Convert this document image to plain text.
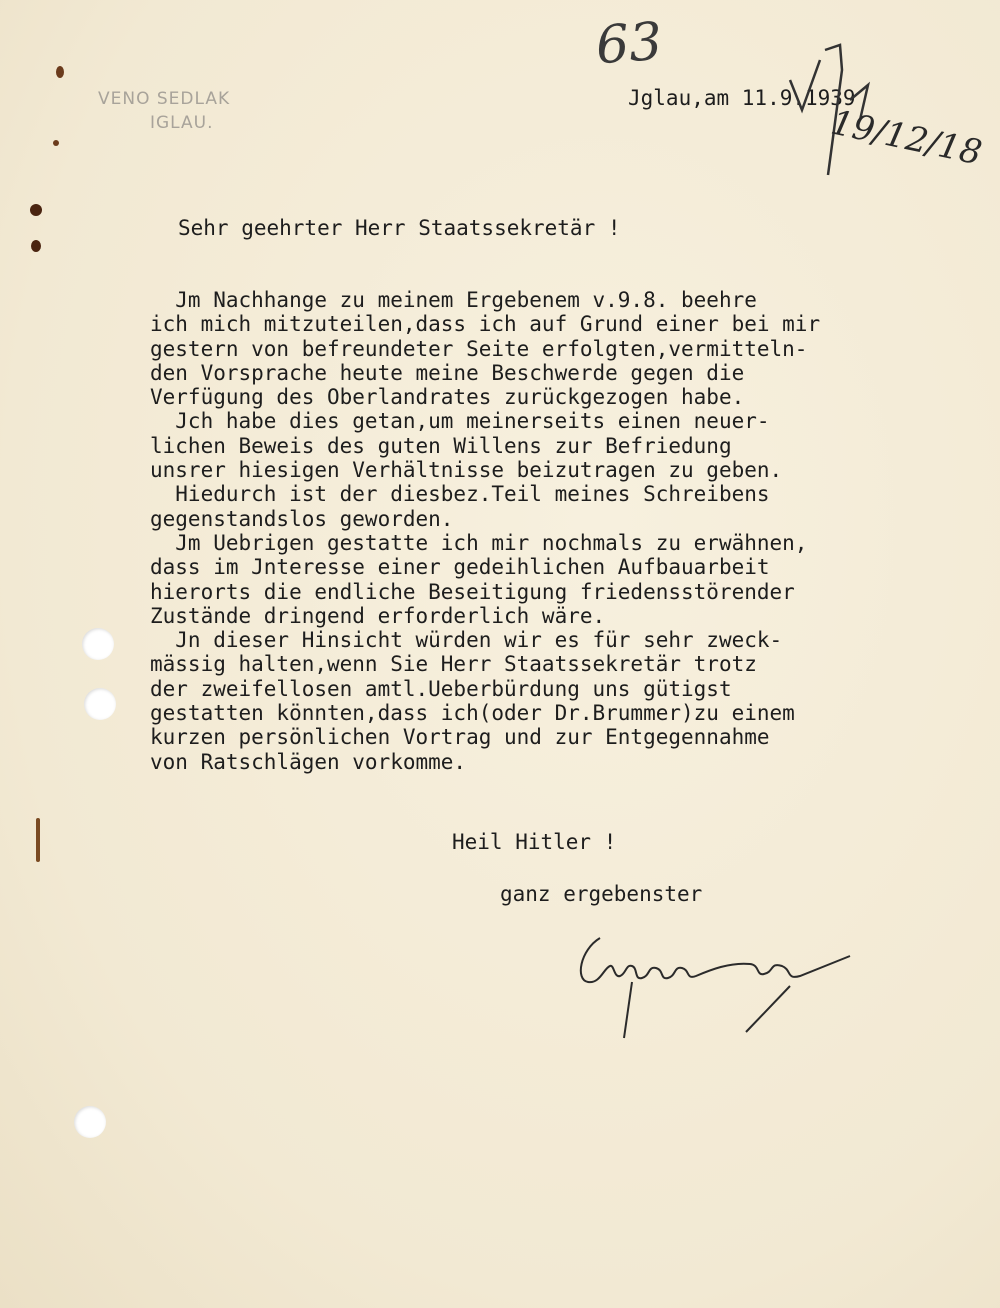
VENO SEDLAK
IGLAU.
63
Jglau,am 11.9.1939
19/12/18
Sehr geehrter Herr Staatssekretär !
Jm Nachhange zu meinem Ergebenem v.9.8. beehre
ich mich mitzuteilen,dass ich auf Grund einer bei mir
gestern von befreundeter Seite erfolgten,vermitteln-
den Vorsprache heute meine Beschwerde gegen die
Verfügung des Oberlandrates zurückgezogen habe.
Jch habe dies getan,um meinerseits einen neuer-
lichen Beweis des guten Willens zur Befriedung
unsrer hiesigen Verhältnisse beizutragen zu geben.
Hiedurch ist der diesbez.Teil meines Schreibens
gegenstandslos geworden.
Jm Uebrigen gestatte ich mir nochmals zu erwähnen,
dass im Jnteresse einer gedeihlichen Aufbauarbeit
hierorts die endliche Beseitigung friedensstörender
Zustände dringend erforderlich wäre.
Jn dieser Hinsicht würden wir es für sehr zweck-
mässig halten,wenn Sie Herr Staatssekretär trotz
der zweifellosen amtl.Ueberbürdung uns gütigst
gestatten könnten,dass ich(oder Dr.Brummer)zu einem
kurzen persönlichen Vortrag und zur Entgegennahme
von Ratschlägen vorkomme.
Heil Hitler !
ganz ergebenster
